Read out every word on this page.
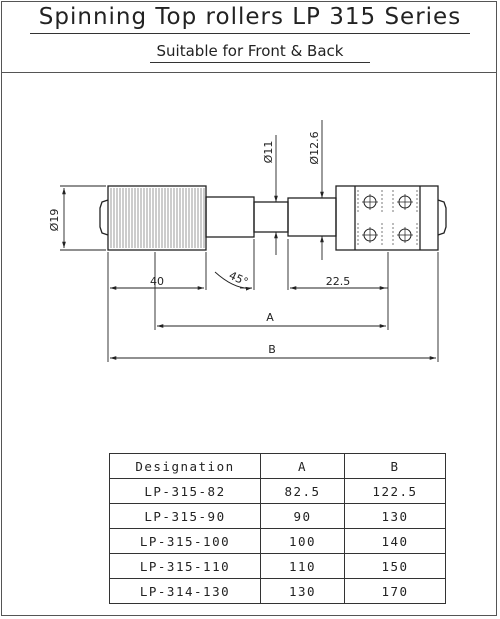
Spinning Top rollers LP 315 Series
Suitable for Front & Back
Ø19
Ø11	Ø12.6
40	45°	22.5
A
B
Designation	A	B
LP-315-82	82.5	122.5
LP-315-90	90	130
LP-315-100	100	140
LP-315-110	110	150
LP-314-130	130	170
